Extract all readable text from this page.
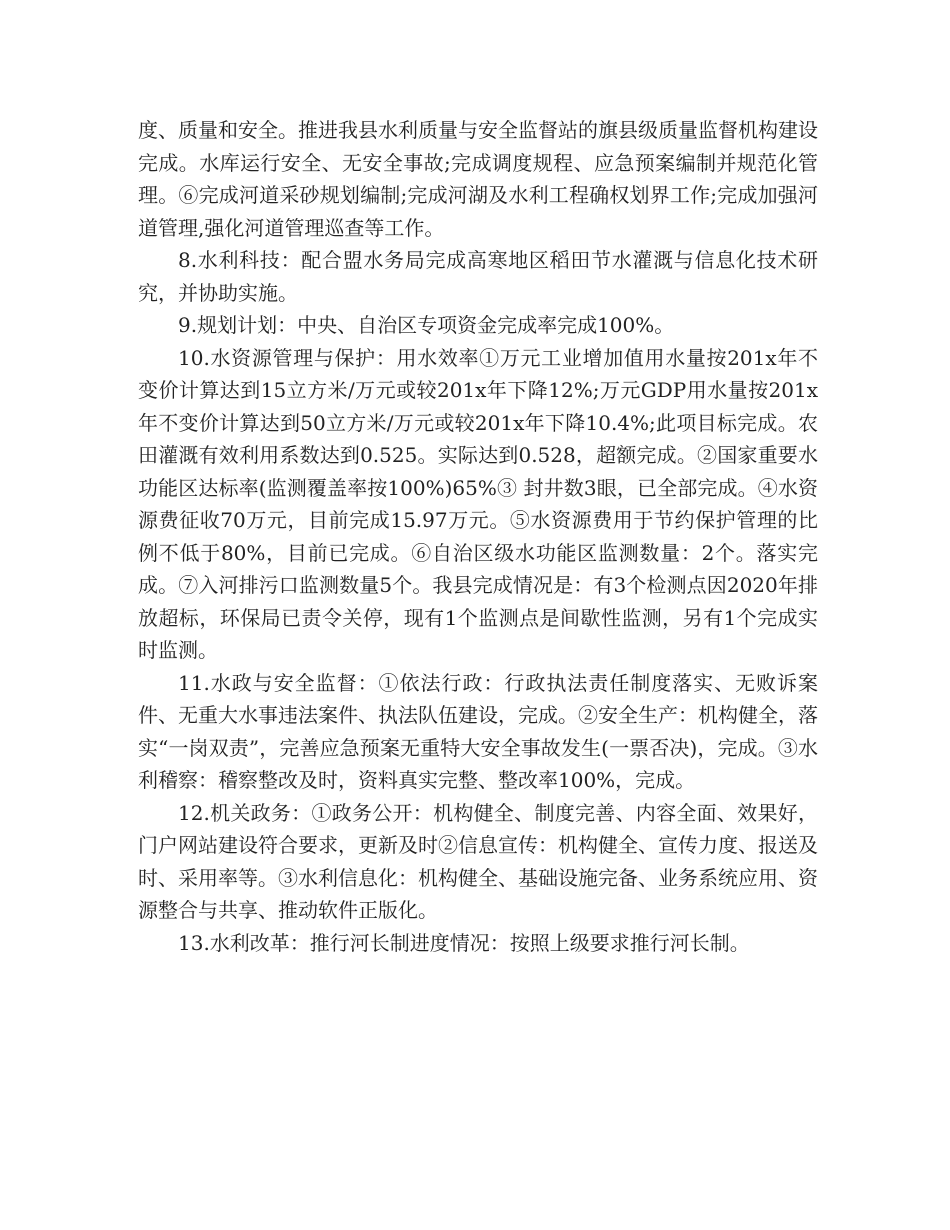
度、质量和安全。推进我县水利质量与安全监督站的旗县级质量监督机构建设完成。水库运行安全、无安全事故;完成调度规程、应急预案编制并规范化管理。⑥完成河道采砂规划编制;完成河湖及水利工程确权划界工作;完成加强河道管理,强化河道管理巡查等工作。

8.水利科技：配合盟水务局完成高寒地区稻田节水灌溉与信息化技术研究，并协助实施。

9.规划计划：中央、自治区专项资金完成率完成100%。

10.水资源管理与保护：用水效率①万元工业增加值用水量按201x年不变价计算达到15立方米/万元或较201x年下降12%;万元GDP用水量按201x年不变价计算达到50立方米/万元或较201x年下降10.4%;此项目标完成。农田灌溉有效利用系数达到0.525。实际达到0.528，超额完成。②国家重要水功能区达标率(监测覆盖率按100%)65%③ 封井数3眼，已全部完成。④水资源费征收70万元，目前完成15.97万元。⑤水资源费用于节约保护管理的比例不低于80%，目前已完成。⑥自治区级水功能区监测数量：2个。落实完成。⑦入河排污口监测数量5个。我县完成情况是：有3个检测点因2020年排放超标，环保局已责令关停，现有1个监测点是间歇性监测，另有1个完成实时监测。

11.水政与安全监督：①依法行政：行政执法责任制度落实、无败诉案件、无重大水事违法案件、执法队伍建设，完成。②安全生产：机构健全，落实“一岗双责”，完善应急预案无重特大安全事故发生(一票否决)，完成。③水利稽察：稽察整改及时，资料真实完整、整改率100%，完成。

12.机关政务：①政务公开：机构健全、制度完善、内容全面、效果好，门户网站建设符合要求，更新及时②信息宣传：机构健全、宣传力度、报送及时、采用率等。③水利信息化：机构健全、基础设施完备、业务系统应用、资源整合与共享、推动软件正版化。

13.水利改革：推行河长制进度情况：按照上级要求推行河长制。
